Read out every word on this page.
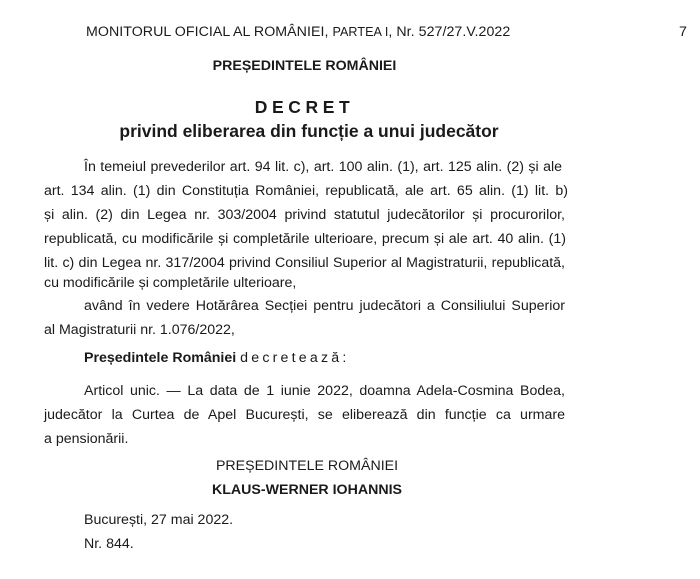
MONITORUL OFICIAL AL ROMÂNIEI, PARTEA I, Nr. 527/27.V.2022	7
PREȘEDINTELE ROMÂNIEI
DECRET
privind eliberarea din funcție a unui judecător
În temeiul prevederilor art. 94 lit. c), art. 100 alin. (1), art. 125 alin. (2) și ale
art. 134 alin. (1) din Constituția României, republicată, ale art. 65 alin. (1) lit. b)
și alin. (2) din Legea nr. 303/2004 privind statutul judecătorilor și procurorilor,
republicată, cu modificările și completările ulterioare, precum și ale art. 40 alin. (1)
lit. c) din Legea nr. 317/2004 privind Consiliul Superior al Magistraturii, republicată,
cu modificările și completările ulterioare,
având în vedere Hotărârea Secției pentru judecători a Consiliului Superior
al Magistraturii nr. 1.076/2022,
Președintele României decretează:
Articol unic. — La data de 1 iunie 2022, doamna Adela-Cosmina Bodea,
judecător la Curtea de Apel București, se eliberează din funcție ca urmare
a pensionării.
PREȘEDINTELE ROMÂNIEI
KLAUS-WERNER IOHANNIS
București, 27 mai 2022.
Nr. 844.
